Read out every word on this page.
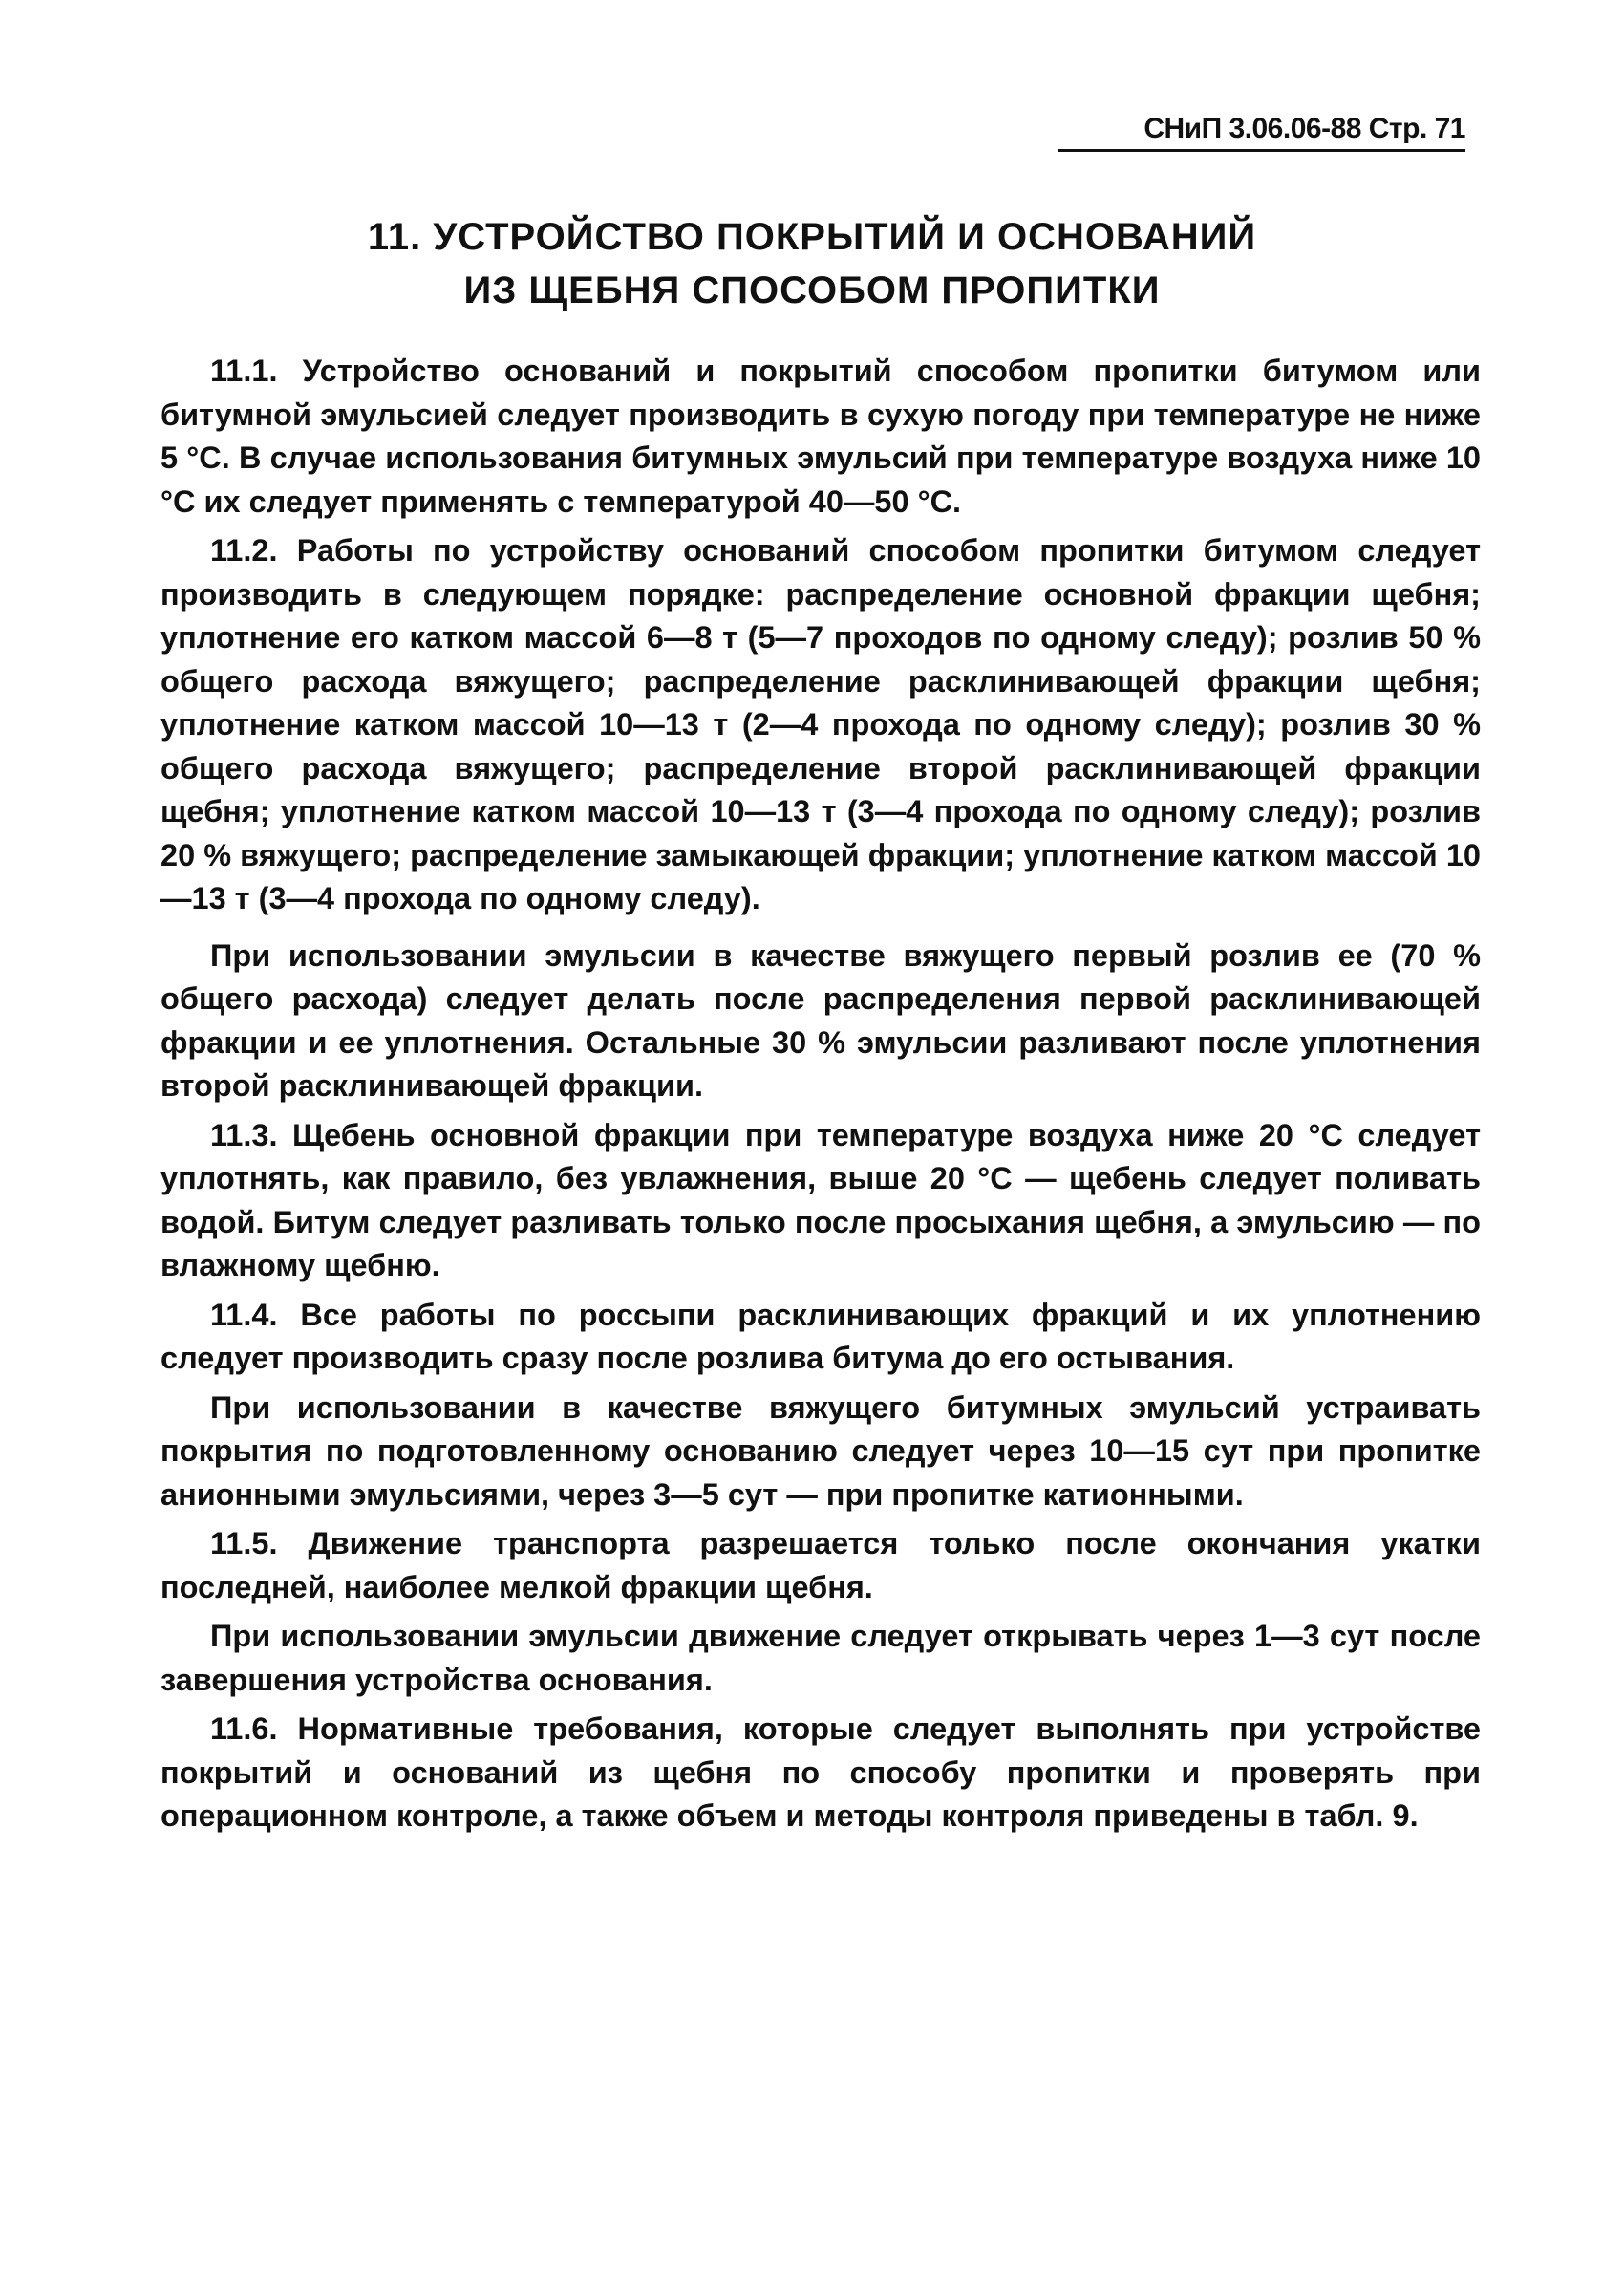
СНиП 3.06.06-88 Стр. 71
11. УСТРОЙСТВО ПОКРЫТИЙ И ОСНОВАНИЙ
ИЗ ЩЕБНЯ СПОСОБОМ ПРОПИТКИ

11.1. Устройство оснований и покрытий способом пропитки битумом или битумной эмульсией следует производить в сухую погоду при температуре не ниже 5 °С. В случае использования битумных эмульсий при температуре воздуха ниже 10 °С их следует применять с температурой 40—50 °С.

11.2. Работы по устройству оснований способом пропитки битумом следует производить в следующем порядке: распределение основной фракции щебня; уплотнение его катком массой 6—8 т (5—7 проходов по одному следу); розлив 50 % общего расхода вяжущего; распределение расклинивающей фракции щебня; уплотнение катком массой 10—13 т (2—4 прохода по одному следу); розлив 30 % общего расхода вяжущего; распределение второй расклинивающей фракции щебня; уплотнение катком массой 10—13 т (3—4 прохода по одному следу); розлив 20 % вяжущего; распределение замыкающей фракции; уплотнение катком массой 10—13 т (3—4 прохода по одному следу).

При использовании эмульсии в качестве вяжущего первый розлив ее (70 % общего расхода) следует делать после распределения первой расклинивающей фракции и ее уплотнения. Остальные 30 % эмульсии разливают после уплотнения второй расклинивающей фракции.

11.3. Щебень основной фракции при температуре воздуха ниже 20 °С следует уплотнять, как правило, без увлажнения, выше 20 °С — щебень следует поливать водой. Битум следует разливать только после просыхания щебня, а эмульсию — по влажному щебню.

11.4. Все работы по россыпи расклинивающих фракций и их уплотнению следует производить сразу после розлива битума до его остывания.

При использовании в качестве вяжущего битумных эмульсий устраивать покрытия по подготовленному основанию следует через 10—15 сут при пропитке анионными эмульсиями, через 3—5 сут — при пропитке катионными.

11.5. Движение транспорта разрешается только после окончания укатки последней, наиболее мелкой фракции щебня.

При использовании эмульсии движение следует открывать через 1—3 сут после завершения устройства основания.

11.6. Нормативные требования, которые следует выполнять при устройстве покрытий и оснований из щебня по способу пропитки и проверять при операционном контроле, а также объем и методы контроля приведены в табл. 9.
